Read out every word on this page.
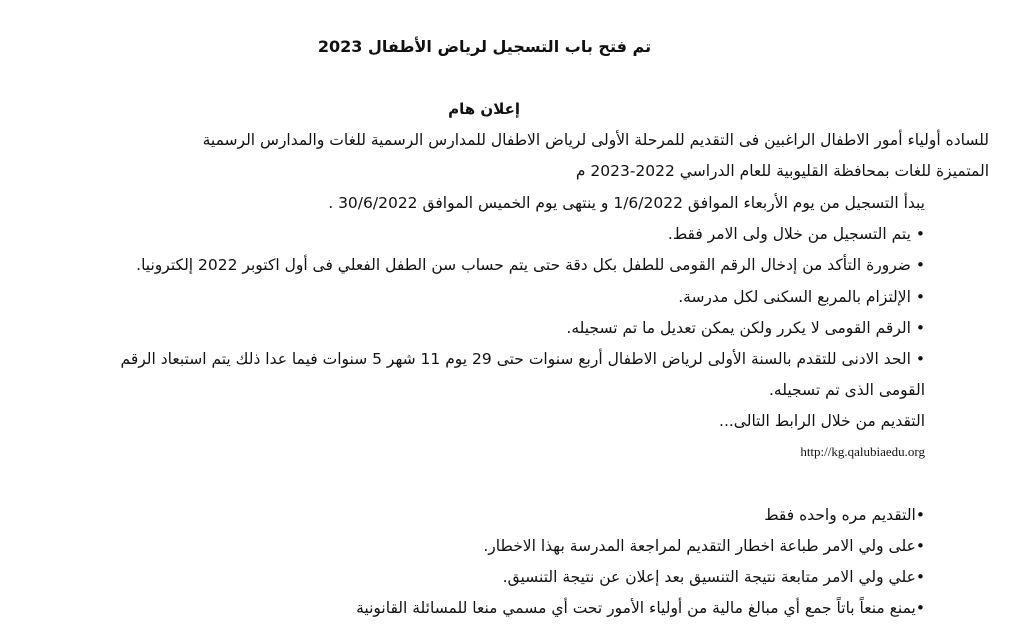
تم فتح باب التسجيل لرياض الأطفال 2023
إعلان هام
للساده أولياء أمور الاطفال الراغبين فى التقديم للمرحلة الأولى لرياض الاطفال للمدارس الرسمية للغات والمدارس الرسمية
المتميزة للغات بمحافظة القليوبية للعام الدراسي 2022-2023 م
يبدأ التسجيل من يوم الأربعاء الموافق 1/6/2022 و ينتهى يوم الخميس الموافق 30/6/2022 .
• يتم التسجيل من خلال ولى الامر فقط.
• ضرورة التأكد من إدخال الرقم القومى للطفل بكل دقة حتى يتم حساب سن الطفل الفعلي فى أول اكتوبر 2022 إلكترونيا.
• الإلتزام بالمربع السكنى لكل مدرسة.
• الرقم القومى لا يكرر ولكن يمكن تعديل ما تم تسجيله.
• الحد الادنى للتقدم بالسنة الأولى لرياض الاطفال أربع سنوات حتى 29 يوم 11 شهر 5 سنوات فيما عدا ذلك يتم استبعاد الرقم
القومى الذى تم تسجيله.
التقديم من خلال الرابط التالى...
http://kg.qalubiaedu.org
•التقديم مره واحده فقط
•على ولي الامر طباعة اخطار التقديم لمراجعة المدرسة بهذا الاخطار.
•علي ولي الامر متابعة نتيجة التنسيق بعد إعلان عن نتيجة التنسيق.
•يمنع منعاً باتاً جمع أي مبالغ مالية من أولياء الأمور تحت أي مسمي منعا للمسائلة القانونية
